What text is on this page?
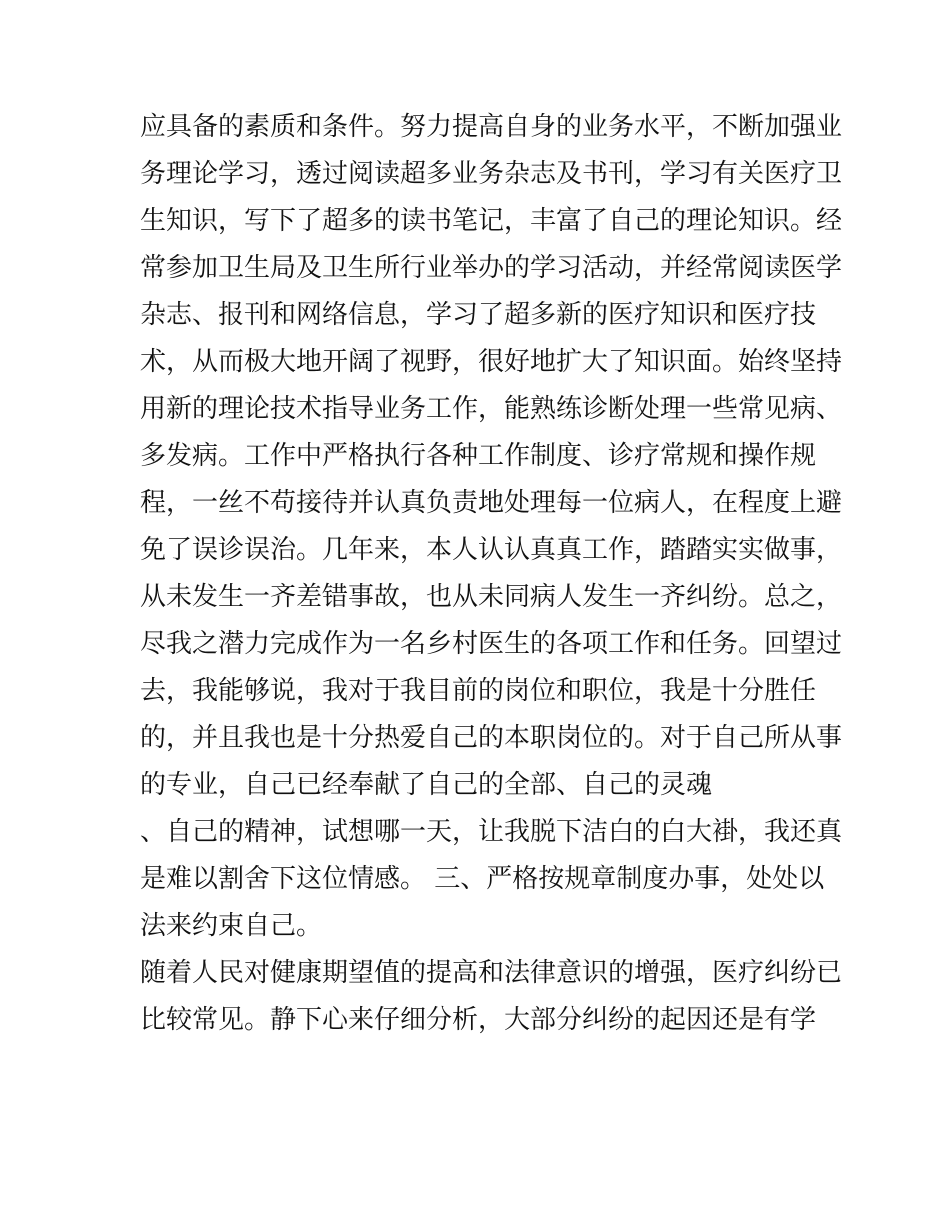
应具备的素质和条件。努力提高自身的业务水平，不断加强业
务理论学习，透过阅读超多业务杂志及书刊，学习有关医疗卫
生知识，写下了超多的读书笔记，丰富了自己的理论知识。经
常参加卫生局及卫生所行业举办的学习活动，并经常阅读医学
杂志、报刊和网络信息，学习了超多新的医疗知识和医疗技
术，从而极大地开阔了视野，很好地扩大了知识面。始终坚持
用新的理论技术指导业务工作，能熟练诊断处理一些常见病、
多发病。工作中严格执行各种工作制度、诊疗常规和操作规
程，一丝不苟接待并认真负责地处理每一位病人，在程度上避
免了误诊误治。几年来，本人认认真真工作，踏踏实实做事，
从未发生一齐差错事故，也从未同病人发生一齐纠纷。总之，
尽我之潜力完成作为一名乡村医生的各项工作和任务。回望过
去，我能够说，我对于我目前的岗位和职位，我是十分胜任
的，并且我也是十分热爱自己的本职岗位的。对于自己所从事
的专业，自己已经奉献了自己的全部、自己的灵魂
、自己的精神，试想哪一天，让我脱下洁白的白大褂，我还真
是难以割舍下这位情感。 三、严格按规章制度办事，处处以
法来约束自己。
随着人民对健康期望值的提高和法律意识的增强，医疗纠纷已
比较常见。静下心来仔细分析，大部分纠纷的起因还是有学
